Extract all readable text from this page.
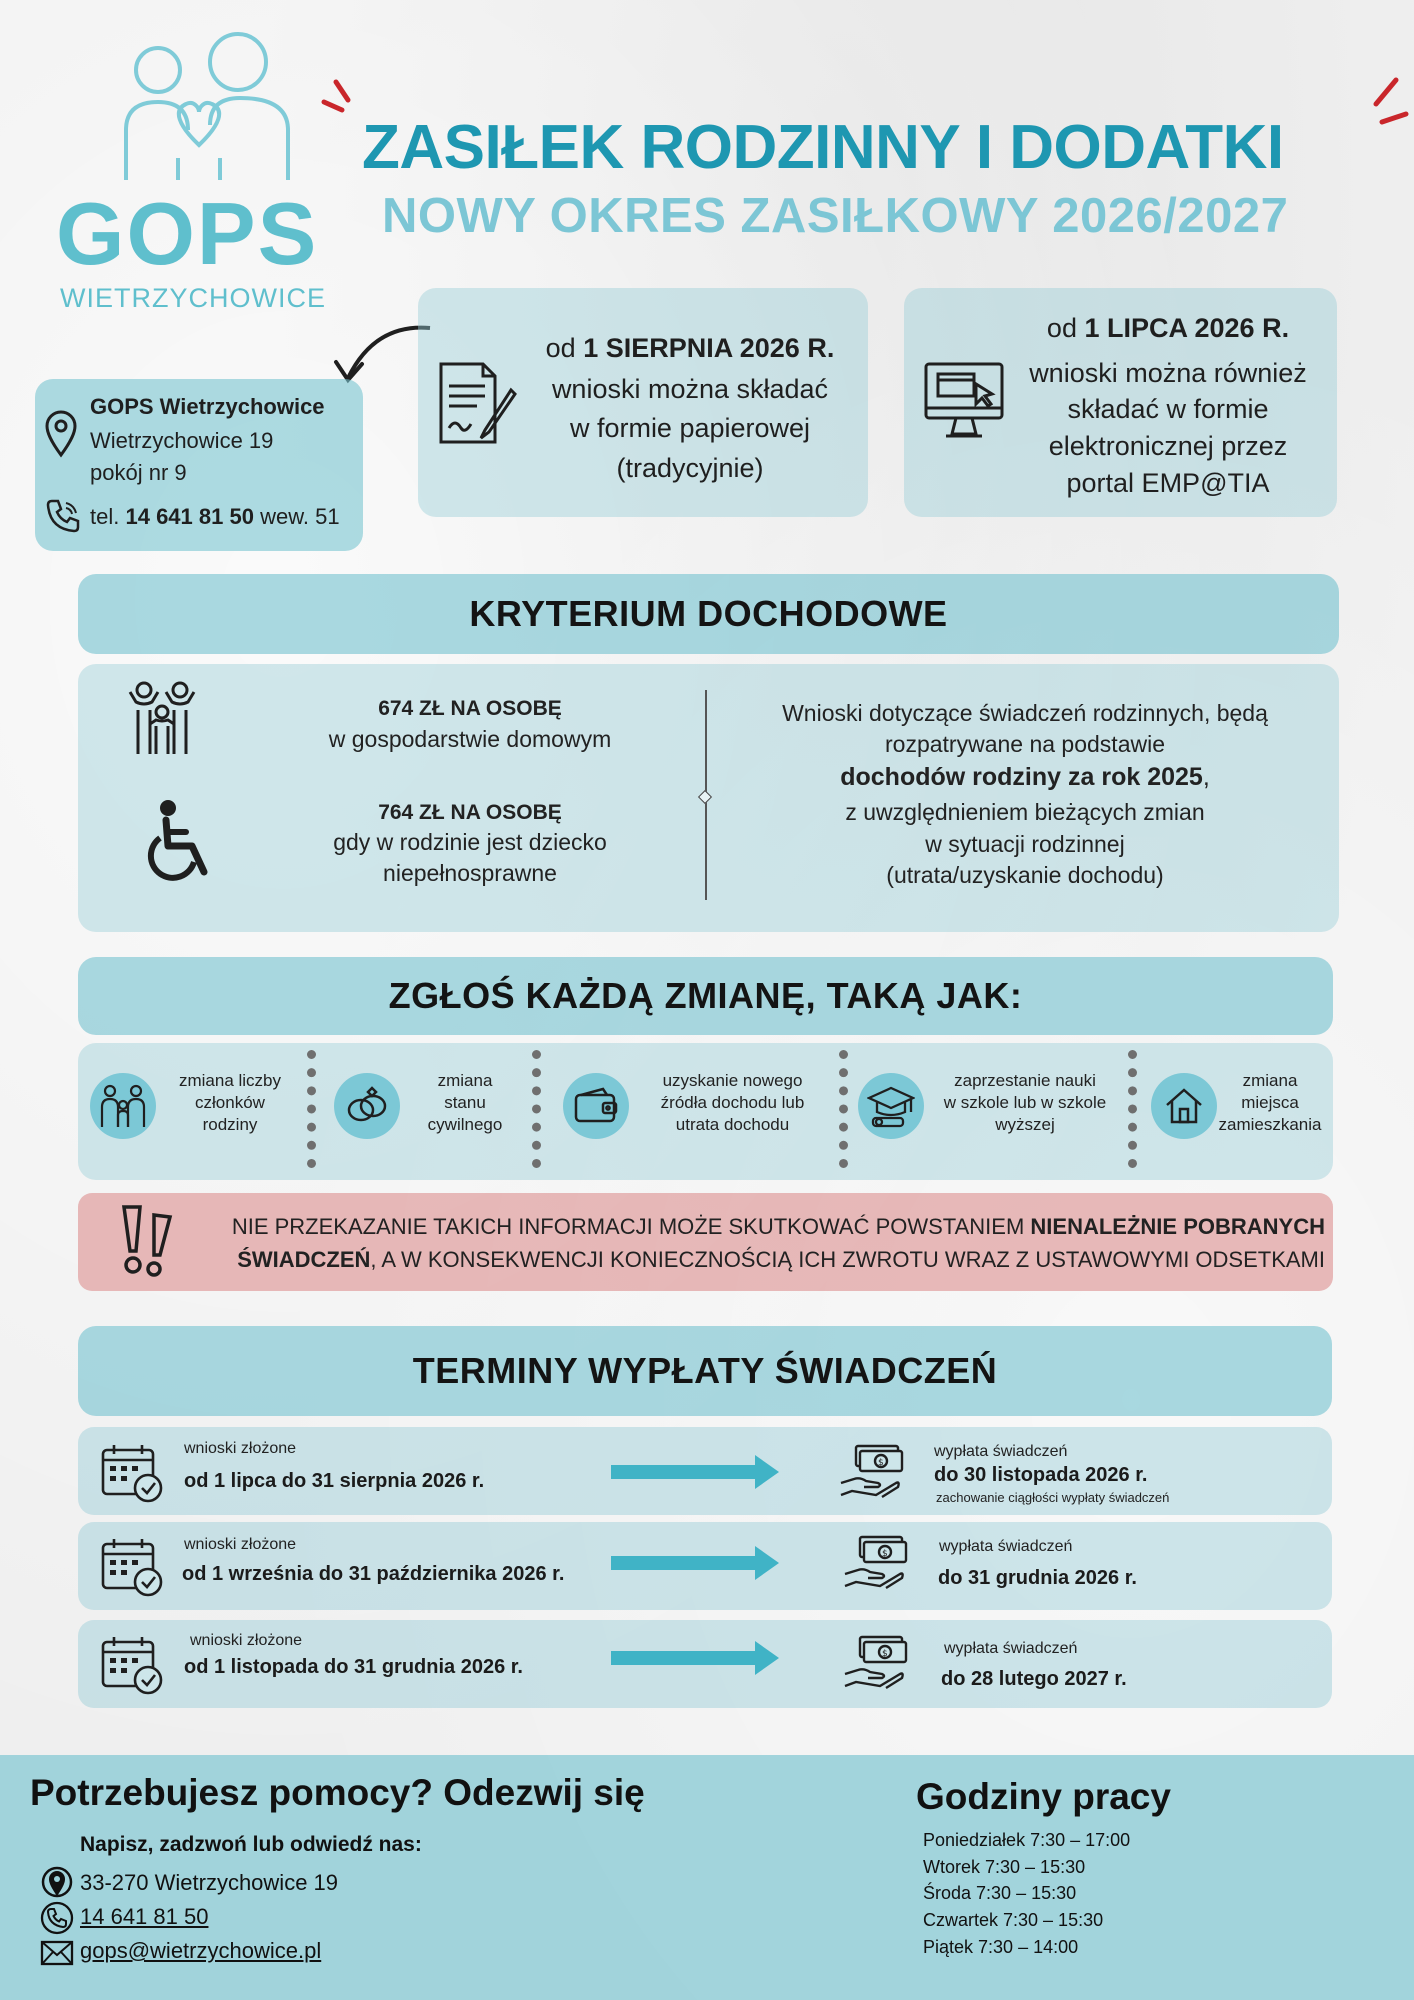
GOPS
WIETRZYCHOWICE
ZASIŁEK RODZINNY I DODATKI
NOWY OKRES ZASIŁKOWY 2026/2027
GOPS Wietrzychowice
Wietrzychowice 19
pokój nr 9
tel. 14 641 81 50 wew. 51
od 1 SIERPNIA 2026 R.
wnioski można składać
w formie papierowej
(tradycyjnie)
od 1 LIPCA 2026 R.
wnioski można również
składać w formie
elektronicznej przez
portal EMP@TIA
KRYTERIUM DOCHODOWE
674 ZŁ NA OSOBĘ
w gospodarstwie domowym
764 ZŁ NA OSOBĘ
gdy w rodzinie jest dziecko
niepełnosprawne
Wnioski dotyczące świadczeń rodzinnych, będą
rozpatrywane na podstawie
dochodów rodziny za rok 2025,
z uwzględnieniem bieżących zmian
w sytuacji rodzinnej
(utrata/uzyskanie dochodu)
ZGŁOŚ KAŻDĄ ZMIANĘ, TAKĄ JAK:
zmiana liczby
członków
rodziny
zmiana
stanu
cywilnego
uzyskanie nowego
źródła dochodu lub
utrata dochodu
zaprzestanie nauki
w szkole lub w szkole
wyższej
zmiana
miejsca
zamieszkania
NIE PRZEKAZANIE TAKICH INFORMACJI MOŻE SKUTKOWAĆ POWSTANIEM NIENALEŻNIE POBRANYCH
ŚWIADCZEŃ, A W KONSEKWENCJI KONIECZNOŚCIĄ ICH ZWROTU WRAZ Z USTAWOWYMI ODSETKAMI
TERMINY WYPŁATY ŚWIADCZEŃ
wnioski złożone
od 1 lipca do 31 sierpnia 2026 r.
$
wypłata świadczeń
do 30 listopada 2026 r.
zachowanie ciągłości wypłaty świadczeń
wnioski złożone
od 1 września do 31 października 2026 r.
$	wypłata świadczeń
do 31 grudnia 2026 r.
wnioski złożone
od 1 listopada do 31 grudnia 2026 r.
$	wypłata świadczeń
do 28 lutego 2027 r.
Potrzebujesz pomocy? Odezwij się
Napisz, zadzwoń lub odwiedź nas:
33-270 Wietrzychowice 19
14 641 81 50
gops@wietrzychowice.pl
Godziny pracy
Poniedziałek 7:30 – 17:00
Wtorek 7:30 – 15:30
Środa 7:30 – 15:30
Czwartek 7:30 – 15:30
Piątek 7:30 – 14:00
